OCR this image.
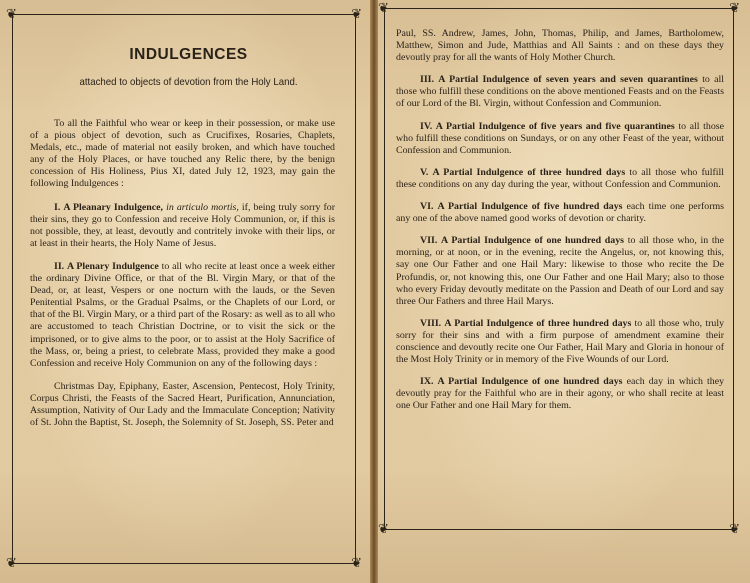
❦	❦
❦	❦
INDULGENCES
attached to objects of devotion from the Holy Land.

To all the Faithful who wear or keep in their possession, or make use of a pious object of devotion, such as Crucifixes, Rosaries, Chaplets, Medals, etc., made of material not easily broken, and which have touched any of the Holy Places, or have touched any Relic there, by the benign concession of His Holiness, Pius XI, dated July 12, 1923, may gain the following Indulgences :

I. A Pleanary Indulgence, in articulo mortis, if, being truly sorry for their sins, they go to Confession and receive Holy Communion, or, if this is not possible, they, at least, devoutly and contritely invoke with their lips, or at least in their hearts, the Holy Name of Jesus.

II. A Plenary Indulgence to all who recite at least once a week either the ordinary Divine Office, or that of the Bl. Virgin Mary, or that of the Dead, or, at least, Vespers or one nocturn with the lauds, or the Seven Penitential Psalms, or the Gradual Psalms, or the Chaplets of our Lord, or that of the Bl. Virgin Mary, or a third part of the Rosary: as well as to all who are accustomed to teach Christian Doctrine, or to visit the sick or the imprisoned, or to give alms to the poor, or to assist at the Holy Sacrifice of the Mass, or, being a priest, to celebrate Mass, provided they make a good Confession and receive Holy Communion on any of the following days :

Christmas Day, Epiphany, Easter, Ascension, Pentecost, Holy Trinity, Corpus Christi, the Feasts of the Sacred Heart, Purification, Annunciation, Assumption, Nativity of Our Lady and the Immaculate Conception; Nativity of St. John the Baptist, St. Joseph, the Solemnity of St. Joseph, SS. Peter and

❦	❦
❦	❦

Paul, SS. Andrew, James, John, Thomas, Philip, and James, Bartholomew, Matthew, Simon and Jude, Matthias and All Saints : and on these days they devoutly pray for all the wants of Holy Mother Church.

III. A Partial Indulgence of seven years and seven quarantines to all those who fulfill these conditions on the above mentioned Feasts and on the Feasts of our Lord of the Bl. Virgin, without Confession and Communion.

IV. A Partial Indulgence of five years and five quarantines to all those who fulfill these conditions on Sundays, or on any other Feast of the year, without Confession and Communion.

V. A Partial Indulgence of three hundred days to all those who fulfill these conditions on any day during the year, without Confession and Communion.

VI. A Partial Indulgence of five hundred days each time one performs any one of the above named good works of devotion or charity.

VII. A Partial Indulgence of one hundred days to all those who, in the morning, or at noon, or in the evening, recite the Angelus, or, not knowing this, say one Our Father and one Hail Mary: likewise to those who recite the De Profundis, or, not knowing this, one Our Father and one Hail Mary; also to those who every Friday devoutly meditate on the Passion and Death of our Lord and say three Our Fathers and three Hail Marys.

VIII. A Partial Indulgence of three hundred days to all those who, truly sorry for their sins and with a firm purpose of amendment examine their conscience and devoutly recite one Our Father, Hail Mary and Gloria in honour of the Most Holy Trinity or in memory of the Five Wounds of our Lord.

IX. A Partial Indulgence of one hundred days each day in which they devoutly pray for the Faithful who are in their agony, or who shall recite at least one Our Father and one Hail Mary for them.
